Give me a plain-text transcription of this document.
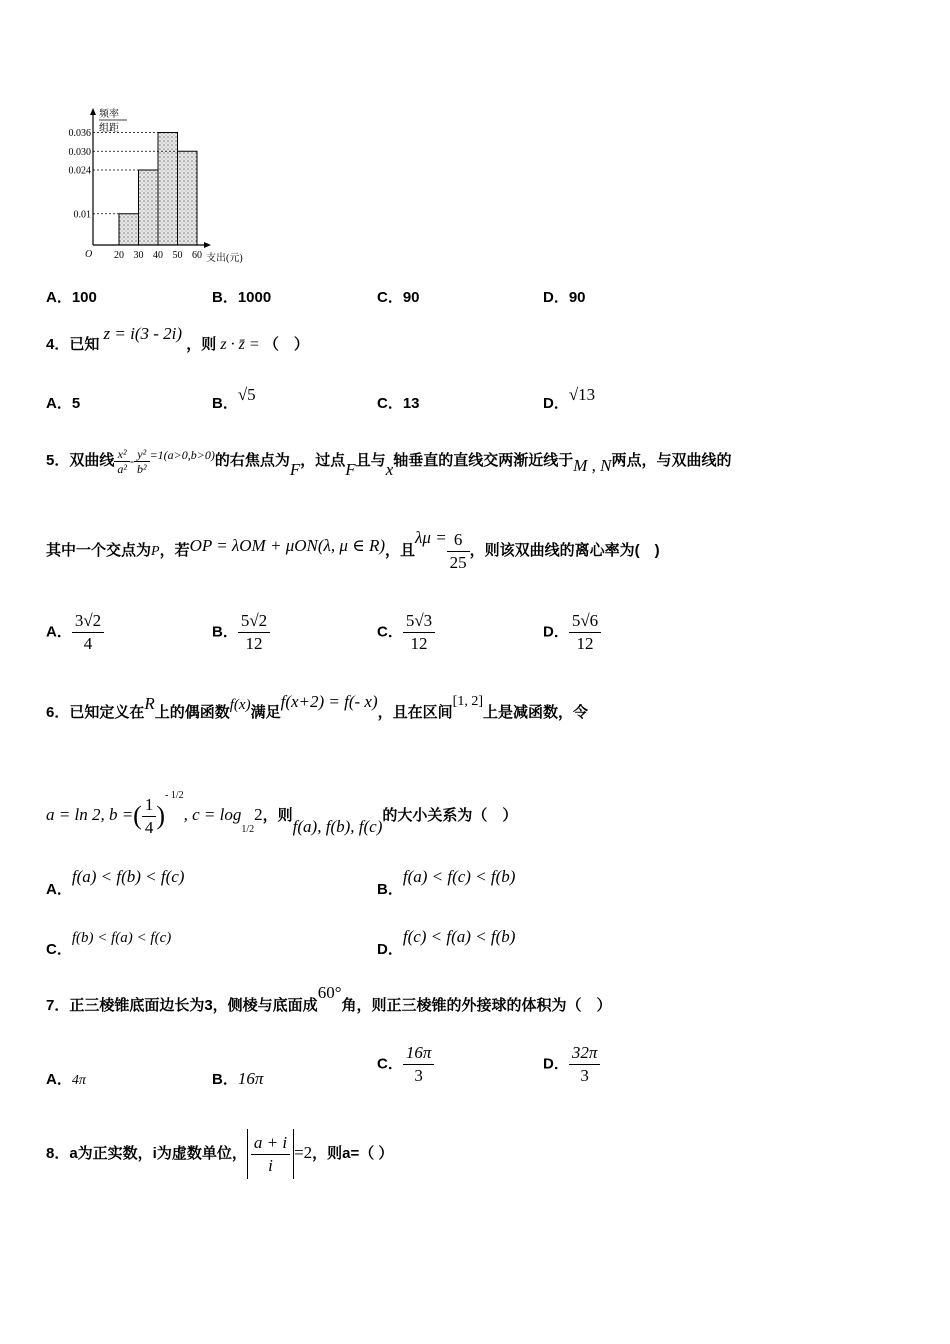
频率
组距
O	支出(元)
0.036
0.030
0.024
0.01
20 30 40 50 60
A．100	B．1000	C．90	D．90
4．已知 z = i(3 - 2i) ，则 z · z̄ = （　）
A．5	B．√5	C．13	D．√13
5．双曲线 $\frac{\text{x²}}{\text{a²}} - \frac{\text{y²}}{\text{b²}} ^{=1(a>0,b>0)}$的右焦点为F，过点F且与x轴垂直的直线交两渐近线于M , N两点，与双曲线的
其中一个交点为P，若OP = λOM + μON(λ, μ ∈ R)，且$\lambda\mu = \frac{6}{25}$ ，则该双曲线的离心率为(　)
A． $\frac{3√2}{4}$	B． $\frac{5√2}{12}$	C． $\frac{5√3}{12}$	D． $\frac{5√6}{12}$
6．已知定义在R上的偶函数f(x)满足f(x+2) = f(- x)，且在区间[1, 2]上是减函数，令
a = ln 2, b =( $\frac{1}{4} )^{- 1/2}$, $c = \log_{1/2}2$，则f(a), f(b), f(c)的大小关系为（　）
A．f(a) < f(b) < f(c)
B．f(a) < f(c) < f(b)
C．f(b) < f(a) < f(c)
D．f(c) < f(a) < f(b)
7．正三棱锥底面边长为3，侧棱与底面成60°角，则正三棱锥的外接球的体积为（　）
A．4π	B．16π
C． $\frac{16\pi}{3}$	D． $\frac{32\pi}{3}$
8．a为正实数，i为虚数单位， $\frac{a + i}{i} =2$，则a=（ ）
